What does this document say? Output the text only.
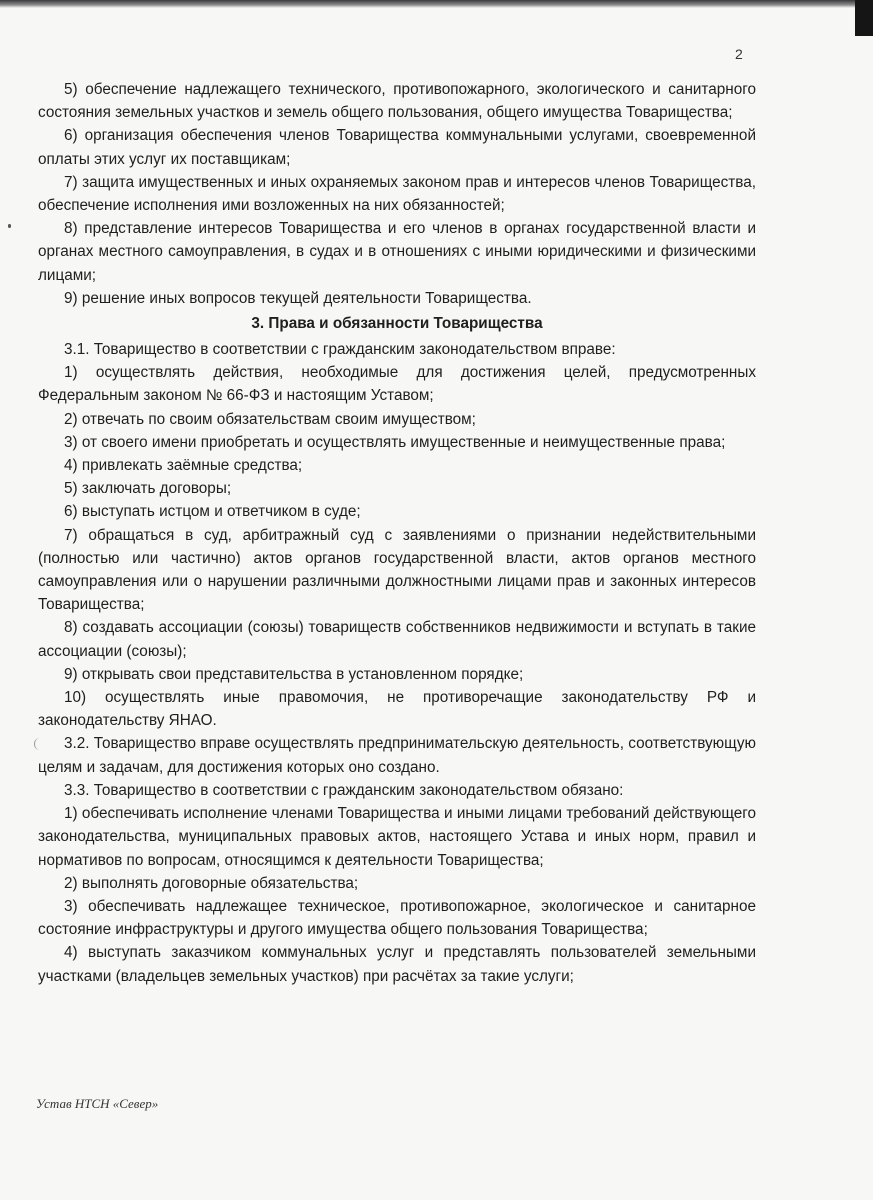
2

5) обеспечение надлежащего технического, противопожарного, экологического и санитарного состояния земельных участков и земель общего пользования, общего имущества Товарищества;

6) организация обеспечения членов Товарищества коммунальными услугами, своевременной оплаты этих услуг их поставщикам;

7) защита имущественных и иных охраняемых законом прав и интересов членов Товарищества, обеспечение исполнения ими возложенных на них обязанностей;

8) представление интересов Товарищества и его членов в органах государственной власти и органах местного самоуправления, в судах и в отношениях с иными юридическими и физическими лицами;

9) решение иных вопросов текущей деятельности Товарищества.

3. Права и обязанности Товарищества

3.1. Товарищество в соответствии с гражданским законодательством вправе:

1) осуществлять действия, необходимые для достижения целей, предусмотренных Федеральным законом № 66-ФЗ и настоящим Уставом;

2) отвечать по своим обязательствам своим имуществом;

3) от своего имени приобретать и осуществлять имущественные и неимущественные права;

4) привлекать заёмные средства;

5) заключать договоры;

6) выступать истцом и ответчиком в суде;

7) обращаться в суд, арбитражный суд с заявлениями о признании недействительными (полностью или частично) актов органов государственной власти, актов органов местного самоуправления или о нарушении различными должностными лицами прав и законных интересов Товарищества;

8) создавать ассоциации (союзы) товариществ собственников недвижимости и вступать в такие ассоциации (союзы);

9) открывать свои представительства в установленном порядке;

10) осуществлять иные правомочия, не противоречащие законодательству РФ и законодательству ЯНАО.

3.2. Товарищество вправе осуществлять предпринимательскую деятельность, соответствующую целям и задачам, для достижения которых оно создано.

3.3. Товарищество в соответствии с гражданским законодательством обязано:

1) обеспечивать исполнение членами Товарищества и иными лицами требований действующего законодательства, муниципальных правовых актов, настоящего Устава и иных норм, правил и нормативов по вопросам, относящимся к деятельности Товарищества;

2) выполнять договорные обязательства;

3) обеспечивать надлежащее техническое, противопожарное, экологическое и санитарное состояние инфраструктуры и другого имущества общего пользования Товарищества;

4) выступать заказчиком коммунальных услуг и представлять пользователей земельными участками (владельцев земельных участков) при расчётах за такие услуги;

Устав НТСН «Север»
